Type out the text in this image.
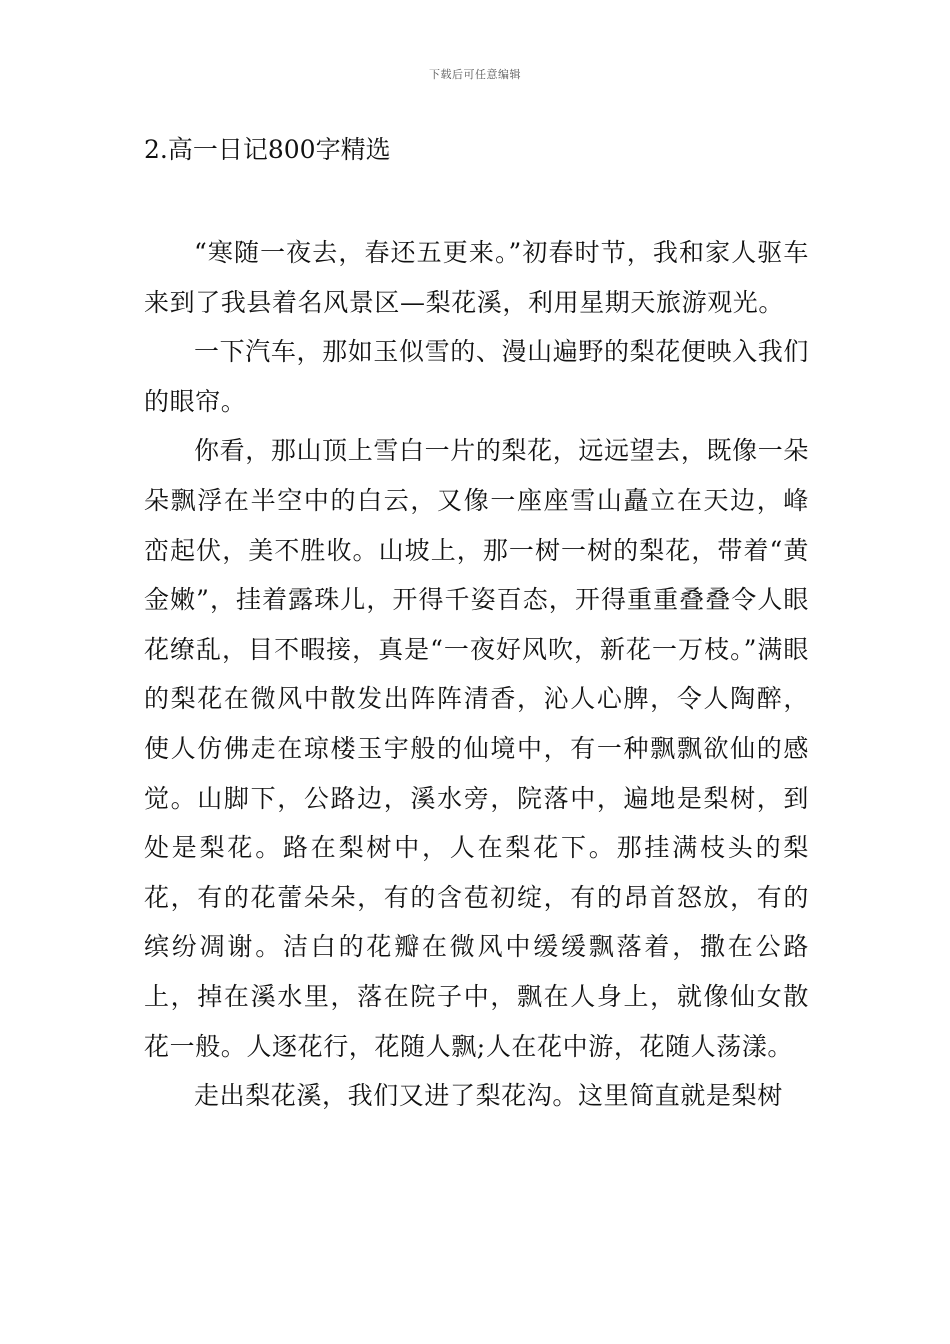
下载后可任意编辑
2.高一日记800字精选

“寒随一夜去，春还五更来。”初春时节，我和家人驱车来到了我县着名风景区—梨花溪，利用星期天旅游观光。

一下汽车，那如玉似雪的、漫山遍野的梨花便映入我们的眼帘。

你看，那山顶上雪白一片的梨花，远远望去，既像一朵朵飘浮在半空中的白云，又像一座座雪山矗立在天边，峰峦起伏，美不胜收。山坡上，那一树一树的梨花，带着“黄金嫩”，挂着露珠儿，开得千姿百态，开得重重叠叠令人眼花缭乱，目不暇接，真是“一夜好风吹，新花一万枝。”满眼的梨花在微风中散发出阵阵清香，沁人心脾，令人陶醉，使人仿佛走在琼楼玉宇般的仙境中，有一种飘飘欲仙的感觉。山脚下，公路边，溪水旁，院落中，遍地是梨树，到处是梨花。路在梨树中，人在梨花下。那挂满枝头的梨花，有的花蕾朵朵，有的含苞初绽，有的昂首怒放，有的缤纷凋谢。洁白的花瓣在微风中缓缓飘落着，撒在公路上，掉在溪水里，落在院子中，飘在人身上，就像仙女散花一般。人逐花行，花随人飘;人在花中游，花随人荡漾。

走出梨花溪，我们又进了梨花沟。这里简直就是梨树
